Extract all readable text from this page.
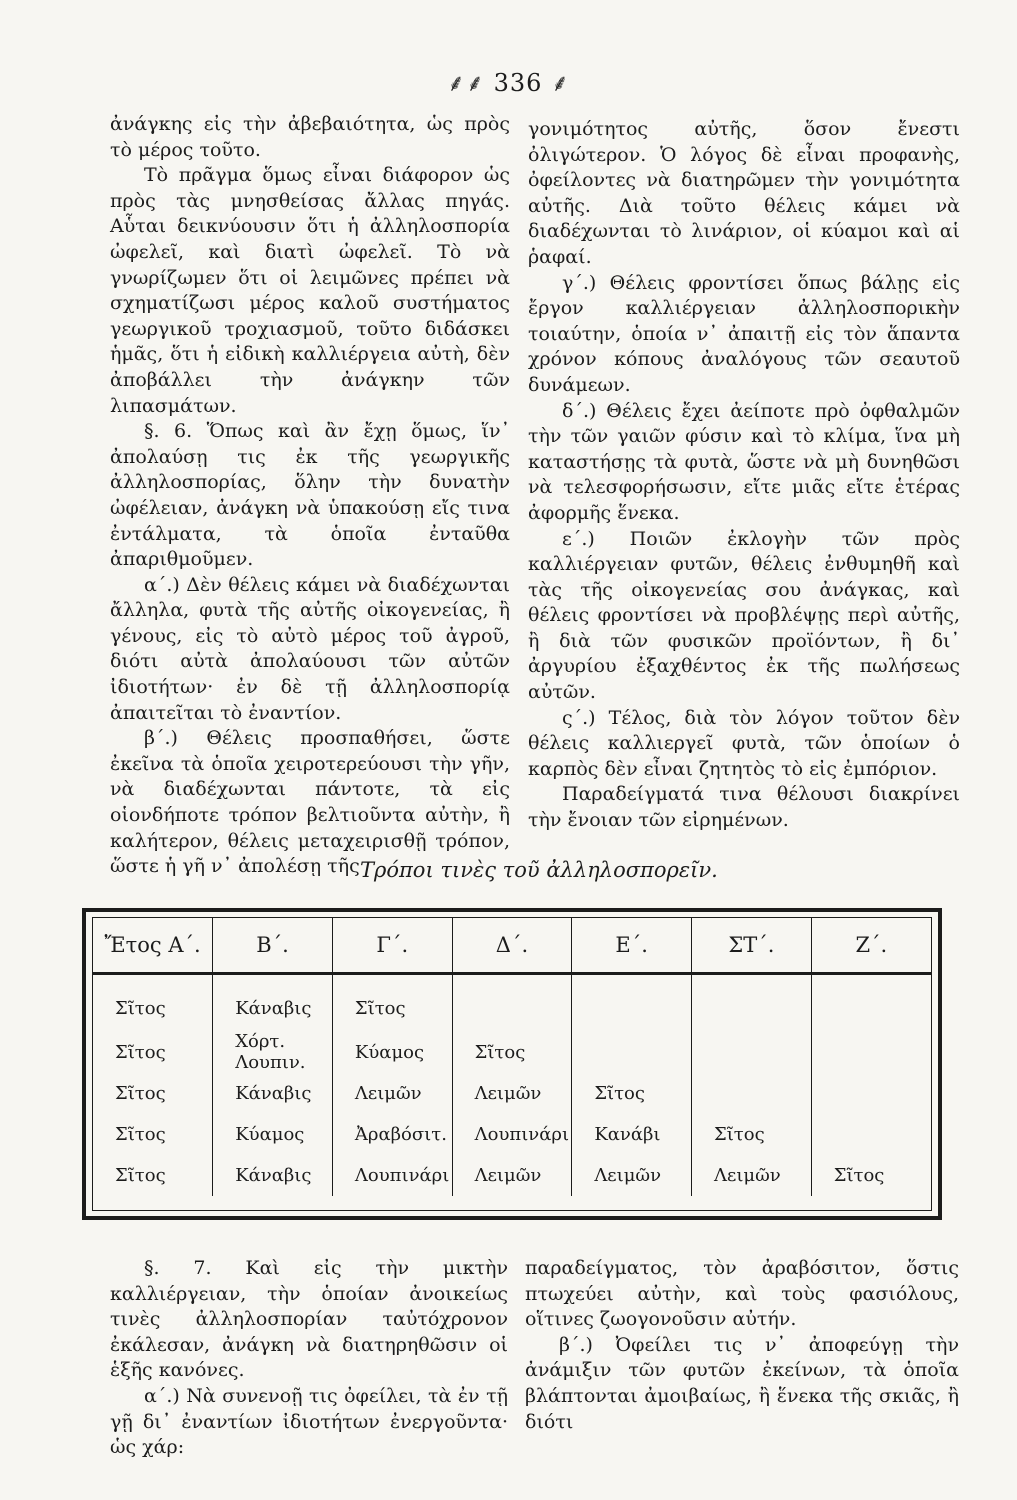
⸙⸙ 336 ⸙

ἀνάγκης εἰς τὴν ἀβεβαιότητα, ὡς πρὸς τὸ μέρος τοῦτο.

Τὸ πρᾶγμα ὅμως εἶναι διάφορον ὡς πρὸς τὰς μνησθείσας ἄλλας πηγάς. Αὗται δεικνύουσιν ὅτι ἡ ἀλληλοσπορία ὠφελεῖ, καὶ διατὶ ὠφελεῖ. Τὸ νὰ γνωρίζωμεν ὅτι οἱ λειμῶνες πρέπει νὰ σχηματίζωσι μέρος καλοῦ συστήματος γεωργικοῦ τροχιασμοῦ, τοῦτο διδάσκει ἡμᾶς, ὅτι ἡ εἰδικὴ καλλιέργεια αὐτὴ, δὲν ἀποβάλλει τὴν ἀνάγκην τῶν λιπασμάτων.

§. 6. Ὅπως καὶ ἂν ἔχῃ ὅμως, ἵν᾽ ἀπολαύσῃ τις ἐκ τῆς γεωργικῆς ἀλληλοσπορίας, ὅλην τὴν δυνατὴν ὠφέλειαν, ἀνάγκη νὰ ὑπακούσῃ εἴς τινα ἐντάλματα, τὰ ὁποῖα ἐνταῦθα ἀπαριθμοῦμεν.

α΄.) Δὲν θέλεις κάμει νὰ διαδέχωνται ἄλληλα, φυτὰ τῆς αὐτῆς οἰκογενείας, ἢ γένους, εἰς τὸ αὐτὸ μέρος τοῦ ἀγροῦ, διότι αὐτὰ ἀπολαύουσι τῶν αὐτῶν ἰδιοτήτων· ἐν δὲ τῇ ἀλληλοσπορίᾳ ἀπαιτεῖται τὸ ἐναντίον.

β΄.) Θέλεις προσπαθήσει, ὥστε ἐκεῖνα τὰ ὁποῖα χειροτερεύουσι τὴν γῆν, νὰ διαδέχωνται πάντοτε, τὰ εἰς οἱονδήποτε τρόπον βελτιοῦντα αὐτὴν, ἢ καλήτερον, θέλεις μεταχειρισθῇ τρόπον, ὥστε ἡ γῆ ν᾽ ἀπολέσῃ τῆς

γονιμότητος αὐτῆς, ὅσον ἔνεστι ὀλιγώτερον. Ὁ λόγος δὲ εἶναι προφανὴς, ὀφείλοντες νὰ διατηρῶμεν τὴν γονιμότητα αὐτῆς. Διὰ τοῦτο θέλεις κάμει νὰ διαδέχωνται τὸ λινάριον, οἱ κύαμοι καὶ αἱ ῥαφαί.

γ΄.) Θέλεις φροντίσει ὅπως βάλῃς εἰς ἔργον καλλιέργειαν ἀλληλοσπορικὴν τοιαύτην, ὁποία ν᾽ ἀπαιτῇ εἰς τὸν ἅπαντα χρόνον κόπους ἀναλόγους τῶν σεαυτοῦ δυνάμεων.

δ΄.) Θέλεις ἔχει ἀείποτε πρὸ ὀφθαλμῶν τὴν τῶν γαιῶν φύσιν καὶ τὸ κλίμα, ἵνα μὴ καταστήσῃς τὰ φυτὰ, ὥστε νὰ μὴ δυνηθῶσι νὰ τελεσφορήσωσιν, εἴτε μιᾶς εἴτε ἑτέρας ἀφορμῆς ἕνεκα.

ε΄.) Ποιῶν ἐκλογὴν τῶν πρὸς καλλιέργειαν φυτῶν, θέλεις ἐνθυμηθῆ καὶ τὰς τῆς οἰκογενείας σου ἀνάγκας, καὶ θέλεις φροντίσει νὰ προβλέψῃς περὶ αὐτῆς, ἢ διὰ τῶν φυσικῶν προϊόντων, ἢ δι᾽ ἀργυρίου ἐξαχθέντος ἐκ τῆς πωλήσεως αὐτῶν.

ς΄.) Τέλος, διὰ τὸν λόγον τοῦτον δὲν θέλεις καλλιεργεῖ φυτὰ, τῶν ὁποίων ὁ καρπὸς δὲν εἶναι ζητητὸς τὸ εἰς ἐμπόριον.

Παραδείγματά τινα θέλουσι διακρίνει τὴν ἔνοιαν τῶν εἰρημένων.

Τρόποι τινὲς τοῦ ἀλληλοσπορεῖν.
Ἔτος Α΄.	Β΄.	Γ΄.	Δ΄.	Ε΄.	ΣΤ΄.	Ζ΄.
Σῖτος	Κάναβις	Σῖτος				
Σῖτος	Χόρτ. Λουπιν.	Κύαμος	Σῖτος			
Σῖτος	Κάναβις	Λειμῶν	Λειμῶν	Σῖτος		
Σῖτος	Κύαμος	Ἀραβόσιτ.	Λουπινάρι	Κανάβι	Σῖτος	
Σῖτος	Κάναβις	Λουπινάρι	Λειμῶν	Λειμῶν	Λειμῶν	Σῖτος

§. 7. Καὶ εἰς τὴν μικτὴν καλλιέργειαν, τὴν ὁποίαν ἀνοικείως τινὲς ἀλληλοσπορίαν ταὐτόχρονον ἐκάλεσαν, ἀνάγκη νὰ διατηρηθῶσιν οἱ ἑξῆς κανόνες.

α΄.) Νὰ συνενοῇ τις ὀφείλει, τὰ ἐν τῇ γῇ δι᾽ ἐναντίων ἰδιοτήτων ἐνεργοῦντα· ὡς χάρ:

παραδείγματος, τὸν ἀραβόσιτον, ὅστις πτωχεύει αὐτὴν, καὶ τοὺς φασιόλους, οἵτινες ζωογονοῦσιν αὐτήν.

β΄.) Ὀφείλει τις ν᾽ ἀποφεύγῃ τὴν ἀνάμιξιν τῶν φυτῶν ἐκείνων, τὰ ὁποῖα βλάπτονται ἀμοιβαίως, ἢ ἕνεκα τῆς σκιᾶς, ἢ διότι
